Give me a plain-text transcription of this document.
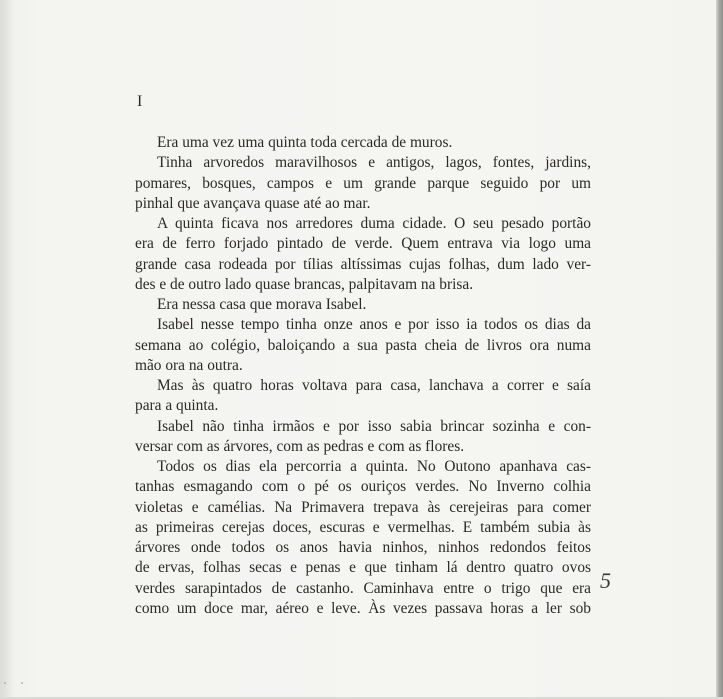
I
Era uma vez uma quinta toda cercada de muros.
Tinha arvoredos maravilhosos e antigos, lagos, fontes, jardins,
pomares, bosques, campos e um grande parque seguido por um
pinhal que avançava quase até ao mar.
A quinta ficava nos arredores duma cidade. O seu pesado portão
era de ferro forjado pintado de verde. Quem entrava via logo uma
grande casa rodeada por tílias altíssimas cujas folhas, dum lado ver-
des e de outro lado quase brancas, palpitavam na brisa.
Era nessa casa que morava Isabel.
Isabel nesse tempo tinha onze anos e por isso ia todos os dias da
semana ao colégio, baloiçando a sua pasta cheia de livros ora numa
mão ora na outra.
Mas às quatro horas voltava para casa, lanchava a correr e saía
para a quinta.
Isabel não tinha irmãos e por isso sabia brincar sozinha e con-
versar com as árvores, com as pedras e com as flores.
Todos os dias ela percorria a quinta. No Outono apanhava cas-
tanhas esmagando com o pé os ouriços verdes. No Inverno colhia
violetas e camélias. Na Primavera trepava às cerejeiras para comer
as primeiras cerejas doces, escuras e vermelhas. E também subia às
árvores onde todos os anos havia ninhos, ninhos redondos feitos
de ervas, folhas secas e penas e que tinham lá dentro quatro ovos
verdes sarapintados de castanho. Caminhava entre o trigo que era
como um doce mar, aéreo e leve. Às vezes passava horas a ler sob
5
